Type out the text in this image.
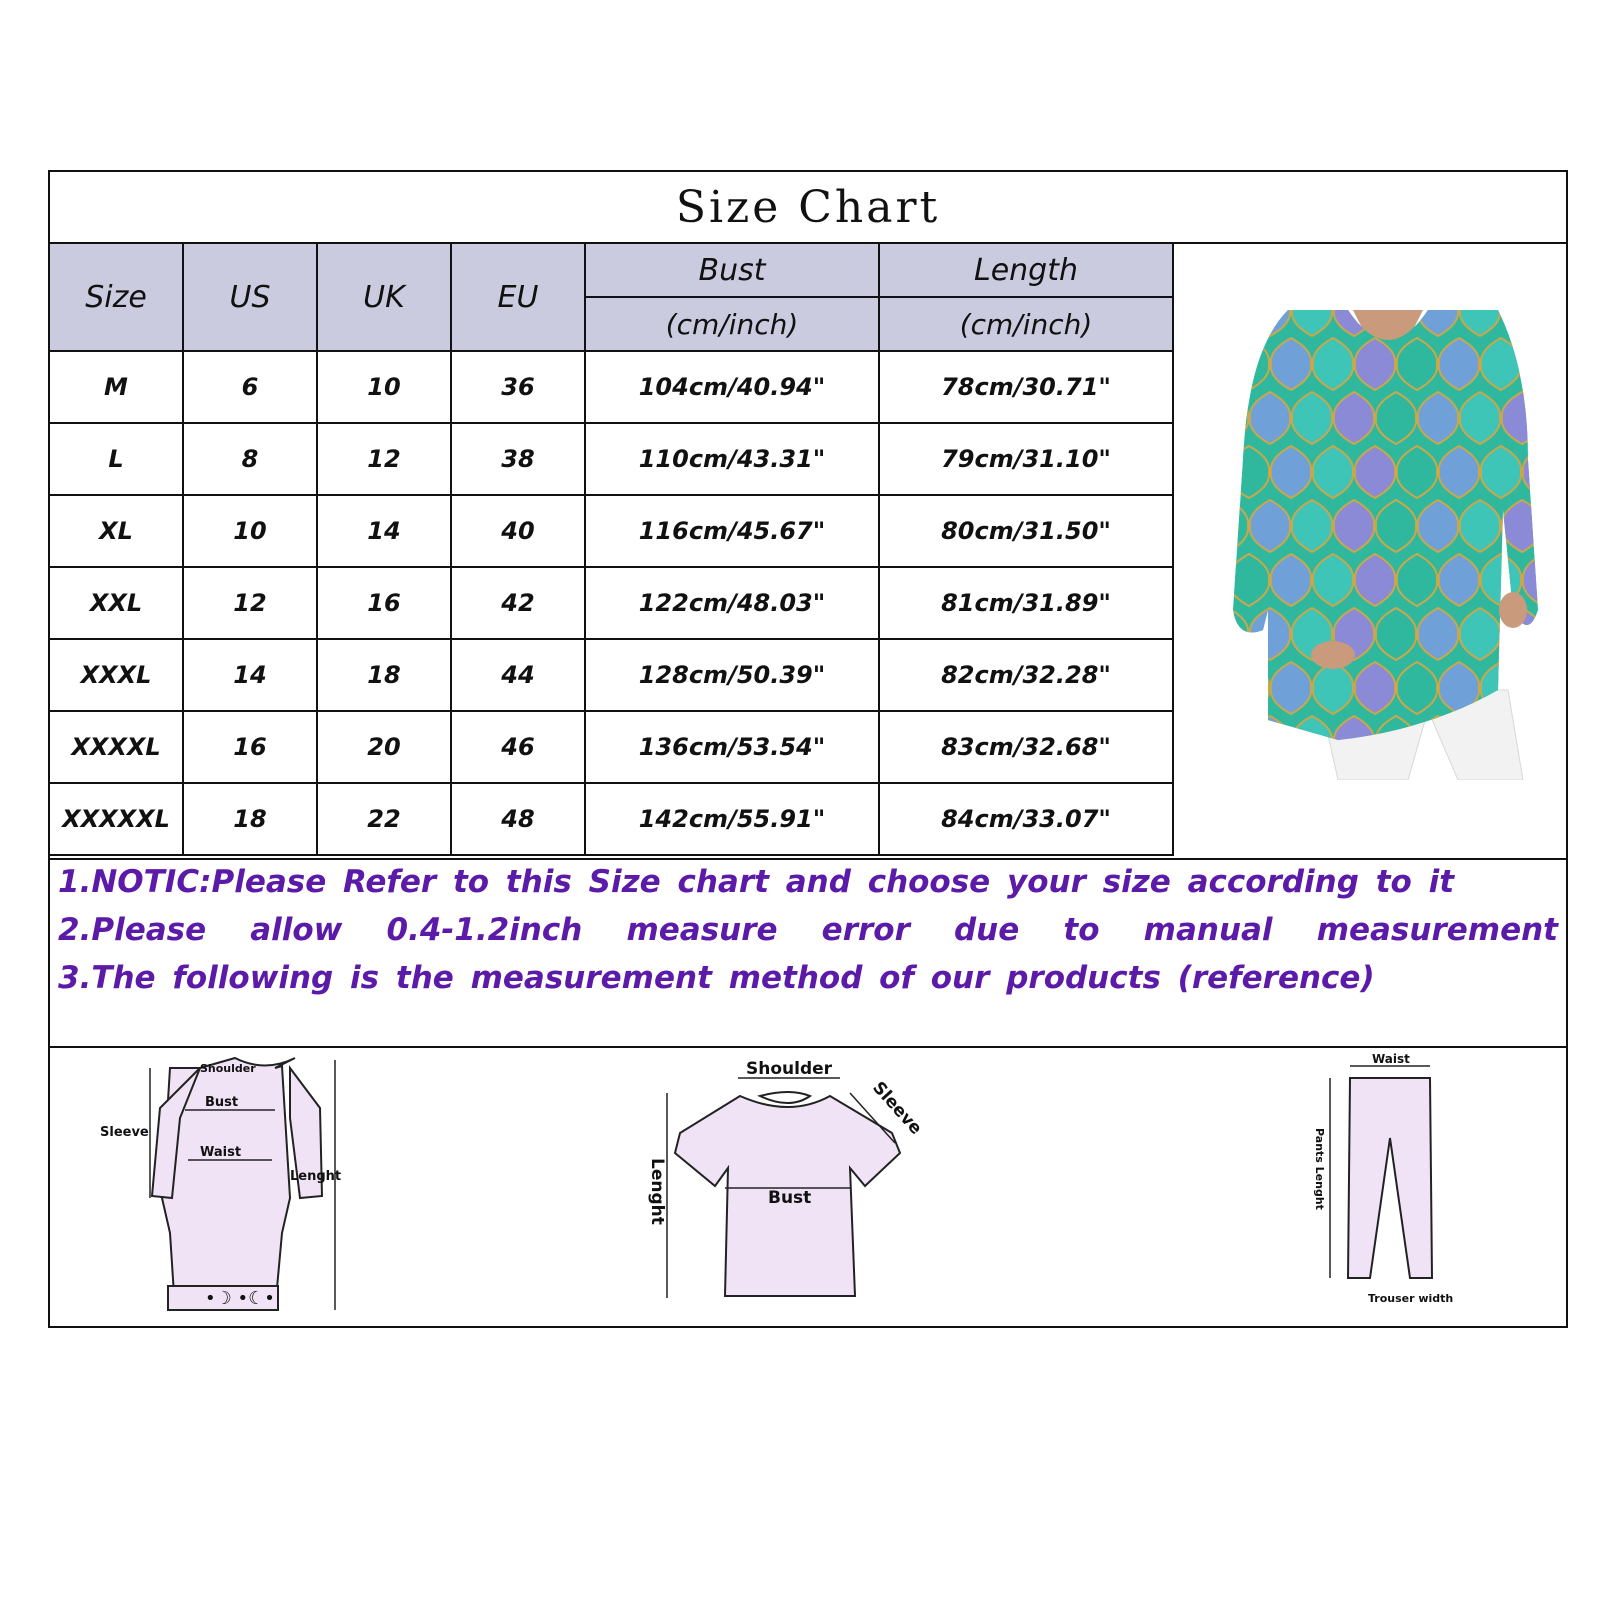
Size Chart
Size	US	UK	EU	Bust	Length
				(cm/inch)	(cm/inch)
M	6	10	36	104cm/40.94"	78cm/30.71"
L	8	12	38	110cm/43.31"	79cm/31.10"
XL	10	14	40	116cm/45.67"	80cm/31.50"
XXL	12	16	42	122cm/48.03"	81cm/31.89"
XXXL	14	18	44	128cm/50.39"	82cm/32.28"
XXXXL	16	20	46	136cm/53.54"	83cm/32.68"
XXXXXL	18	22	48	142cm/55.91"	84cm/33.07"
1.NOTIC:Please Refer to this Size chart and choose your size according to it
2.Please allow 0.4-1.2inch measure error due to manual measurement
3.The following is the measurement method of our products (reference)
•☽ •☾•
Shoulder
Bust
Waist
Sleeve
Lenght
Shoulder
Sleeve
Bust
Lenght
Waist
Pants Lenght
Trouser width
